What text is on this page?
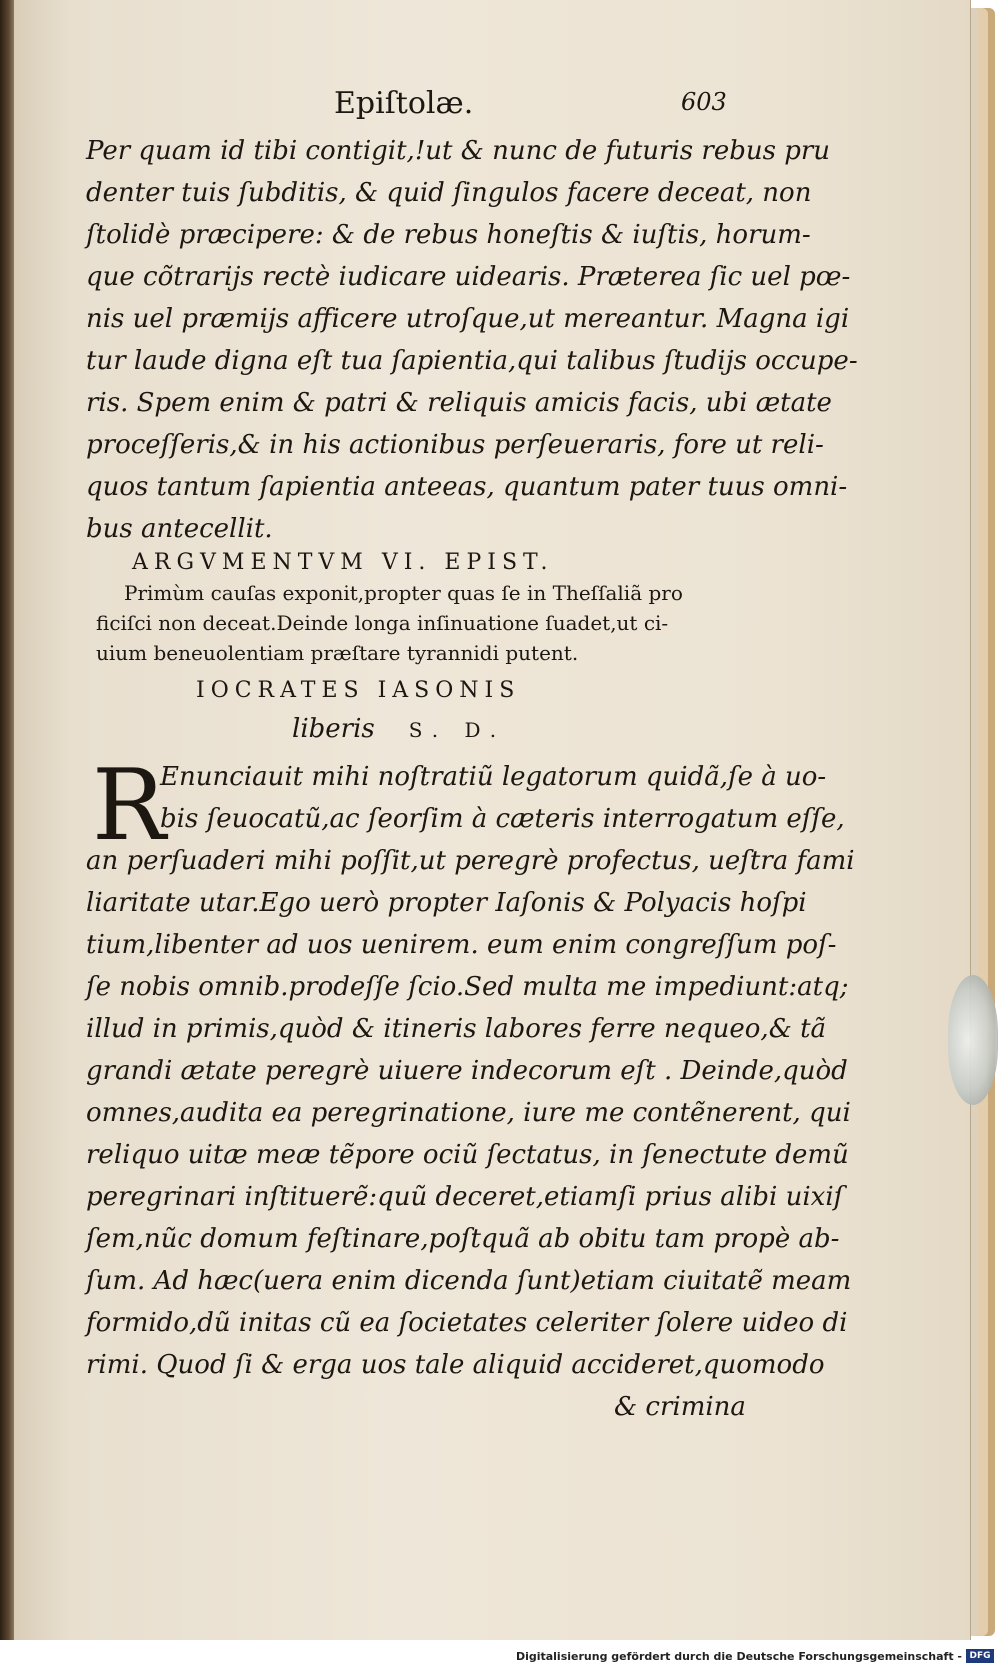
Epiſtolæ.	603
Per quam id tibi contigit,!ut & nunc de futuris rebus pru
denter tuis ſubditis, & quid ſingulos facere deceat, non
ſtolidè præcipere: & de rebus honeſtis & iuſtis, horum-
que cõtrarijs rectè iudicare uidearis. Præterea ſic uel pœ-
nis uel præmijs afficere utroſque,ut mereantur. Magna igi
tur laude digna eſt tua ſapientia,qui talibus ſtudijs occupe-
ris. Spem enim & patri & reliquis amicis facis, ubi ætate
proceſſeris,& in his actionibus perſeueraris, fore ut reli-
quos tantum ſapientia anteeas, quantum pater tuus omni-
bus antecellit.
ARGVMENTVM VI. EPIST.
Primùm cauſas exponit,propter quas ſe in Theſſaliã pro
ficiſci non deceat.Deinde longa inſinuatione ſuadet,ut ci-
uium beneuolentiam præſtare tyrannidi putent.
IOCRATES IASONIS
liberis S. D.
R
Enunciauit mihi noſtratiũ legatorum quidã,ſe à uo-
bis ſeuocatũ,ac ſeorſim à cæteris interrogatum eſſe,
an perſuaderi mihi poſſit,ut peregrè profectus, ueſtra fami
liaritate utar.Ego uerò propter Iaſonis & Polyacis hoſpi
tium,libenter ad uos uenirem. eum enim congreſſum poſ-
ſe nobis omnib.prodeſſe ſcio.Sed multa me impediunt:atq;
illud in primis,quòd & itineris labores ferre nequeo,& tã
grandi ætate peregrè uiuere indecorum eſt . Deinde,quòd
omnes,audita ea peregrinatione, iure me contẽnerent, qui
reliquo uitæ meæ tẽpore ociũ ſectatus, in ſenectute demũ
peregrinari inſtituerẽ:quũ deceret,etiamſi prius alibi uixiſ
ſem,nũc domum feſtinare,poſtquã ab obitu tam propè ab-
ſum. Ad hæc(uera enim dicenda ſunt)etiam ciuitatẽ meam
formido,dũ initas cũ ea ſocietates celeriter ſolere uideo di
rimi. Quod ſi & erga uos tale aliquid accideret,quomodo
& crimina
Digitalisierung gefördert durch die Deutsche Forschungsgemeinschaft - DFG
